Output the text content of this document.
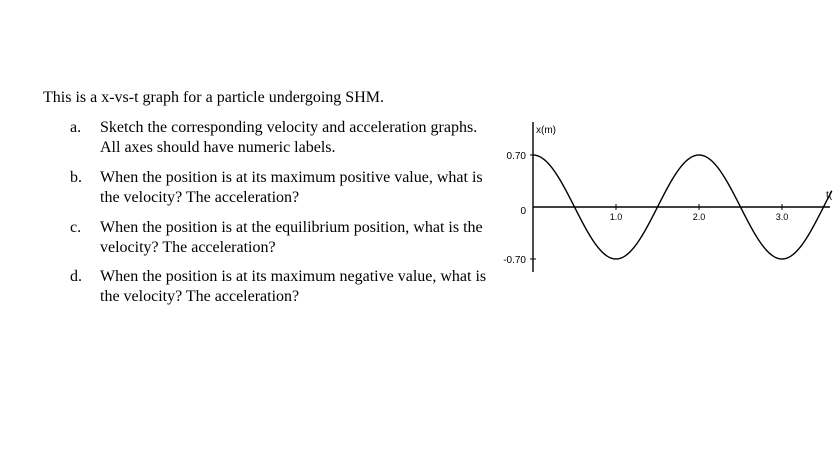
This is a x-vs-t graph for a particle undergoing SHM.
a. Sketch the corresponding velocity and acceleration graphs. All axes should have numeric labels.
b. When the position is at its maximum positive value, what is the velocity? The acceleration?
c. When the position is at the equilibrium position, what is the velocity? The acceleration?
d. When the position is at its maximum negative value, what is the velocity? The acceleration?
x(m)
t(
0.70
0
-0.70
1.0	2.0	3.0
